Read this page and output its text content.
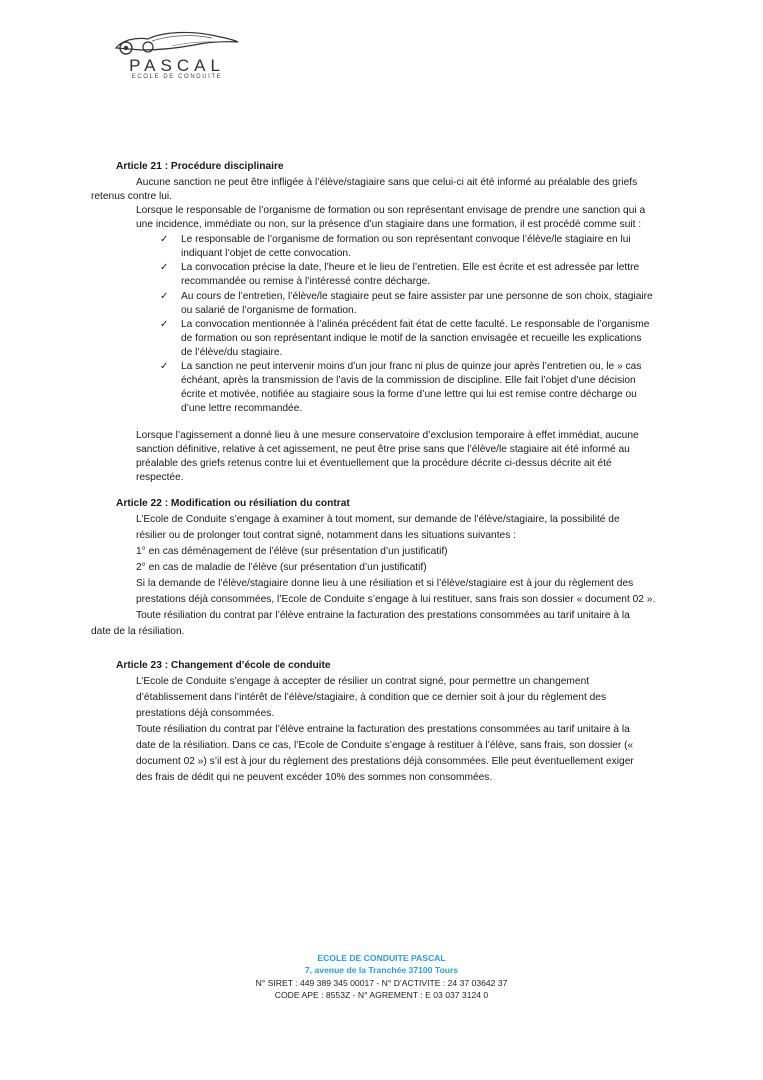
PASCAL
ECOLE DE CONDUITE
Article 21 : Procédure disciplinaire
Aucune sanction ne peut être infligée à l’élève/stagiaire sans que celui-ci ait été informé au préalable des griefs
retenus contre lui.
Lorsque le responsable de l’organisme de formation ou son représentant envisage de prendre une sanction qui a
une incidence, immédiate ou non, sur la présence d’un stagiaire dans une formation, il est procédé comme suit :
✓ Le responsable de l’organisme de formation ou son représentant convoque l’élève/le stagiaire en lui
indiquant l’objet de cette convocation.
✓ La convocation précise la date, l’heure et le lieu de l’entretien. Elle est écrite et est adressée par lettre
recommandée ou remise à l’intéressé contre décharge.
✓ Au cours de l’entretien, l’élève/le stagiaire peut se faire assister par une personne de son choix, stagiaire
ou salarié de l’organisme de formation.
✓ La convocation mentionnée à l’alinéa précédent fait état de cette faculté. Le responsable de l’organisme
de formation ou son représentant indique le motif de la sanction envisagée et recueille les explications
de l’élève/du stagiaire.
✓ La sanction ne peut intervenir moins d’un jour franc ni plus de quinze jour après l’entretien ou, le » cas
échéant, après la transmission de l’avis de la commission de discipline. Elle fait l’objet d’une décision
écrite et motivée, notifiée au stagiaire sous la forme d’une lettre qui lui est remise contre décharge ou
d’une lettre recommandée.
Lorsque l’agissement a donné lieu à une mesure conservatoire d’exclusion temporaire à effet immédiat, aucune
sanction définitive, relative à cet agissement, ne peut être prise sans que l’élève/le stagiaire ait été informé au
préalable des griefs retenus contre lui et éventuellement que la procédure décrite ci-dessus décrite ait été
respectée.
Article 22 : Modification ou résiliation du contrat
L’Ecole de Conduite s’engage à examiner à tout moment, sur demande de l’élève/stagiaire, la possibilité de
résilier ou de prolonger tout contrat signé, notamment dans les situations suivantes :
1° en cas déménagement de l’élève (sur présentation d’un justificatif)
2° en cas de maladie de l’élève (sur présentation d’un justificatif)
Si la demande de l’élève/stagiaire donne lieu à une résiliation et si l’élève/stagiaire est à jour du règlement des
prestations déjà consommées, l’Ecole de Conduite s’engage à lui restituer, sans frais son dossier « document 02 ».
Toute résiliation du contrat par l’élève entraine la facturation des prestations consommées au tarif unitaire à la
date de la résiliation.
Article 23 : Changement d’école de conduite
L’Ecole de Conduite s’engage à accepter de résilier un contrat signé, pour permettre un changement
d’établissement dans l’intérêt de l’élève/stagiaire, à condition que ce dernier soit à jour du règlement des
prestations déjà consommées.
Toute résiliation du contrat par l’élève entraine la facturation des prestations consommées au tarif unitaire à la
date de la résiliation. Dans ce cas, l’Ecole de Conduite s’engage à restituer à l’élève, sans frais, son dossier («
document 02 ») s’il est à jour du règlement des prestations déjà consommées. Elle peut éventuellement exiger
des frais de dédit qui ne peuvent excéder 10% des sommes non consommées.
ECOLE DE CONDUITE PASCAL
7, avenue de la Tranchée 37100 Tours
N° SIRET : 449 389 345 00017 - N° D’ACTIVITE : 24 37 03642 37
CODE APE : 8553Z - N° AGREMENT : E 03 037 3124 0
